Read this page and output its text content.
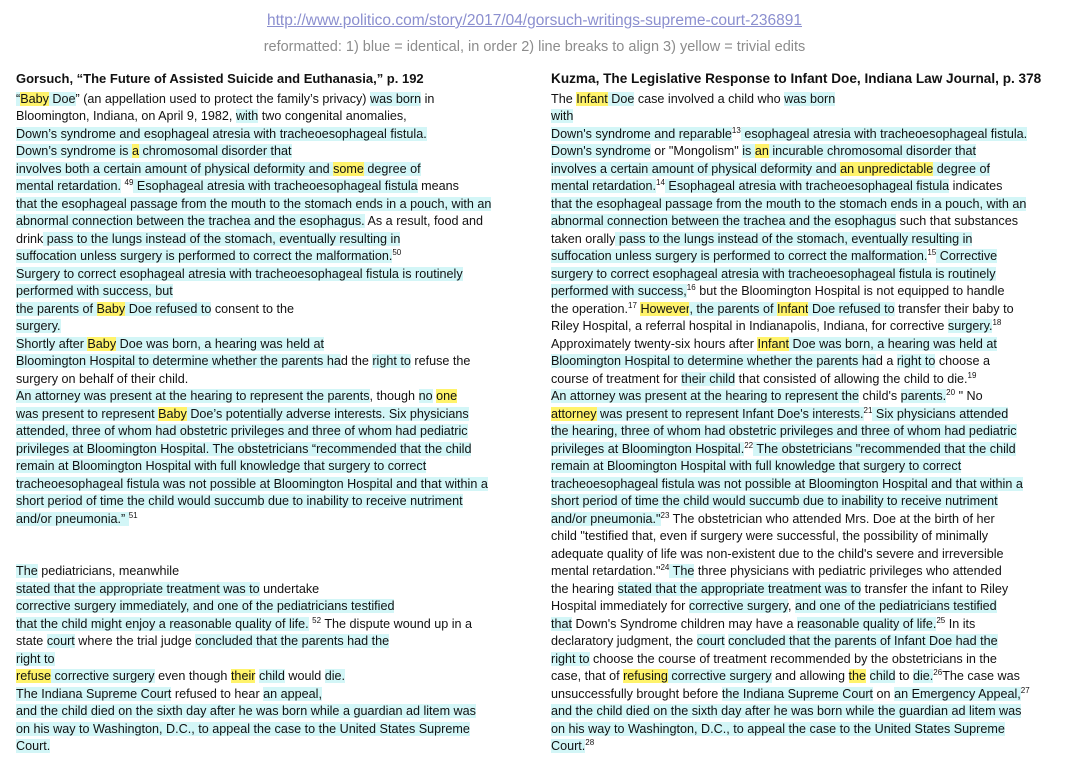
http://www.politico.com/story/2017/04/gorsuch-writings-supreme-court-236891
reformatted: 1) blue = identical, in order 2) line breaks to align 3) yellow = trivial edits
Gorsuch, “The Future of Assisted Suicide and Euthanasia,” p. 192
“Baby Doe” (an appellation used to protect the family’s privacy) was born in
Bloomington, Indiana, on April 9, 1982, with two congenital anomalies,
Down’s syndrome and esophageal atresia with tracheoesophageal fistula.
Down’s syndrome is a chromosomal disorder that
involves both a certain amount of physical deformity and some degree of
mental retardation. $^{49}$ Esophageal atresia with tracheoesophageal fistula means
that the esophageal passage from the mouth to the stomach ends in a pouch, with an
abnormal connection between the trachea and the esophagus. As a result, food and
drink pass to the lungs instead of the stomach, eventually resulting in
suffocation unless surgery is performed to correct the malformation.$^{50}$
Surgery to correct esophageal atresia with tracheoesophageal fistula is routinely
performed with success, but
the parents of Baby Doe refused to consent to the
surgery.
Shortly after Baby Doe was born, a hearing was held at
Bloomington Hospital to determine whether the parents had the right to refuse the
surgery on behalf of their child.
An attorney was present at the hearing to represent the parents, though no one
was present to represent Baby Doe’s potentially adverse interests. Six physicians
attended, three of whom had obstetric privileges and three of whom had pediatric
privileges at Bloomington Hospital. The obstetricians “recommended that the child
remain at Bloomington Hospital with full knowledge that surgery to correct
tracheoesophageal fistula was not possible at Bloomington Hospital and that within a
short period of time the child would succumb due to inability to receive nutriment
and/or pneumonia.” $^{51}$
The pediatricians, meanwhile
stated that the appropriate treatment was to undertake
corrective surgery immediately, and one of the pediatricians testified
that the child might enjoy a reasonable quality of life. $^{52}$ The dispute wound up in a
state court where the trial judge concluded that the parents had the
right to
refuse corrective surgery even though their child would die.
The Indiana Supreme Court refused to hear an appeal,
and the child died on the sixth day after he was born while a guardian ad litem was
on his way to Washington, D.C., to appeal the case to the United States Supreme
Court.
Kuzma, The Legislative Response to Infant Doe, Indiana Law Journal, p. 378
The Infant Doe case involved a child who was born
with
Down's syndrome and reparable$^{13}$ esophageal atresia with tracheoesophageal fistula.
Down's syndrome or "Mongolism" is an incurable chromosomal disorder that
involves a certain amount of physical deformity and an unpredictable degree of
mental retardation.$^{14}$ Esophageal atresia with tracheoesophageal fistula indicates
that the esophageal passage from the mouth to the stomach ends in a pouch, with an
abnormal connection between the trachea and the esophagus such that substances
taken orally pass to the lungs instead of the stomach, eventually resulting in
suffocation unless surgery is performed to correct the malformation.$^{15}$ Corrective
surgery to correct esophageal atresia with tracheoesophageal fistula is routinely
performed with success,$^{16}$ but the Bloomington Hospital is not equipped to handle
the operation.$^{17}$ However, the parents of Infant Doe refused to transfer their baby to
Riley Hospital, a referral hospital in Indianapolis, Indiana, for corrective surgery.$^{18}$
Approximately twenty-six hours after Infant Doe was born, a hearing was held at
Bloomington Hospital to determine whether the parents had a right to choose a
course of treatment for their child that consisted of allowing the child to die.$^{19}$
An attorney was present at the hearing to represent the child's parents.$^{20}$ " No
attorney was present to represent Infant Doe's interests.$^{21}$ Six physicians attended
the hearing, three of whom had obstetric privileges and three of whom had pediatric
privileges at Bloomington Hospital.$^{22}$ The obstetricians "recommended that the child
remain at Bloomington Hospital with full knowledge that surgery to correct
tracheoesophageal fistula was not possible at Bloomington Hospital and that within a
short period of time the child would succumb due to inability to receive nutriment
and/or pneumonia."$^{23}$ The obstetrician who attended Mrs. Doe at the birth of her
child "testified that, even if surgery were successful, the possibility of minimally
adequate quality of life was non-existent due to the child's severe and irreversible
mental retardation."$^{24}$ The three physicians with pediatric privileges who attended
the hearing stated that the appropriate treatment was to transfer the infant to Riley
Hospital immediately for corrective surgery, and one of the pediatricians testified
that Down's Syndrome children may have a reasonable quality of life.$^{25}$ In its
declaratory judgment, the court concluded that the parents of Infant Doe had the
right to choose the course of treatment recommended by the obstetricians in the
case, that of refusing corrective surgery and allowing the child to die.$^{26}$The case was
unsuccessfully brought before the Indiana Supreme Court on an Emergency Appeal,$^{27}$
and the child died on the sixth day after he was born while the guardian ad litem was
on his way to Washington, D.C., to appeal the case to the United States Supreme
Court.$^{28}$
